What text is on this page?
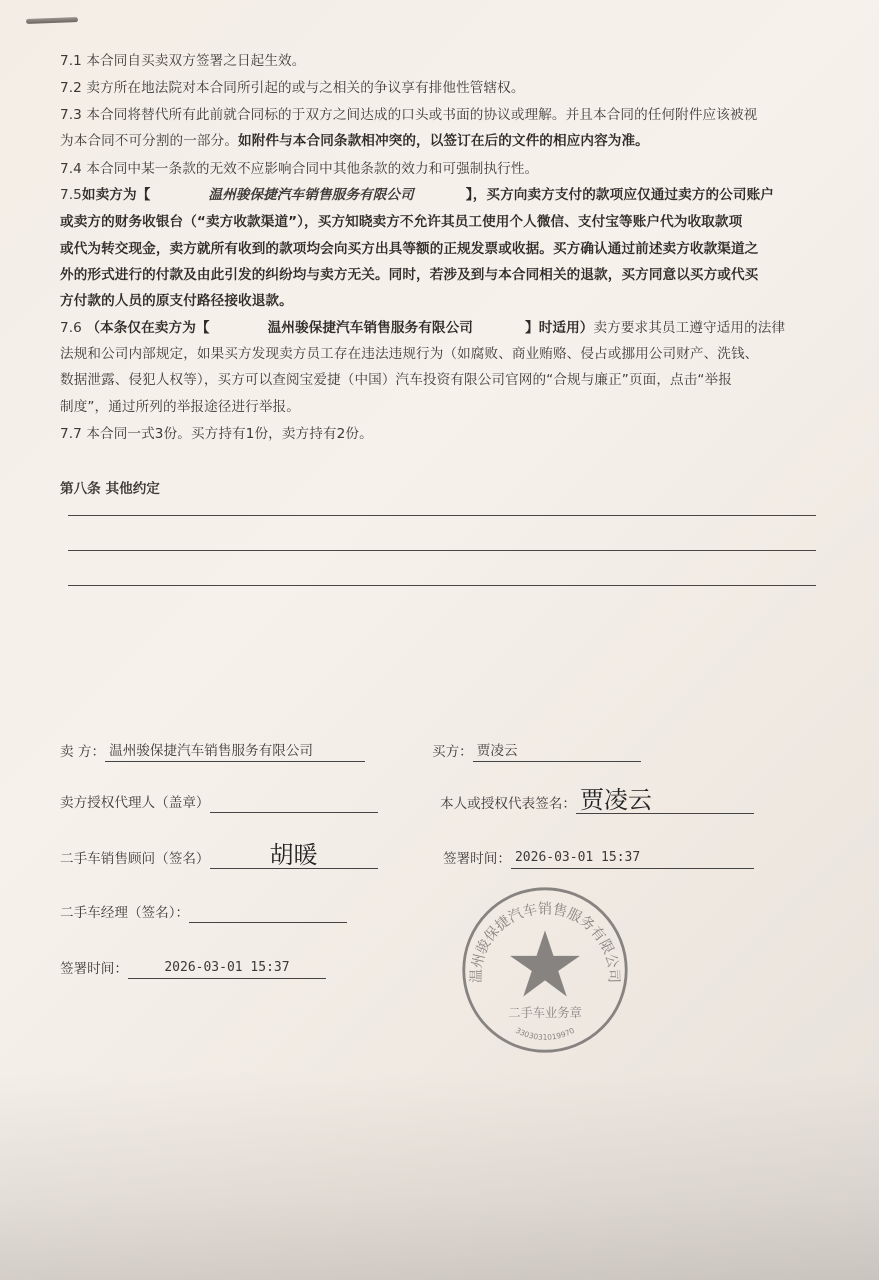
7.1 本合同自买卖双方签署之日起生效。
7.2 卖方所在地法院对本合同所引起的或与之相关的争议享有排他性管辖权。
7.3 本合同将替代所有此前就合同标的于双方之间达成的口头或书面的协议或理解。并且本合同的任何附件应该被视
为本合同不可分割的一部分。如附件与本合同条款相冲突的，以签订在后的文件的相应内容为准。
7.4 本合同中某一条款的无效不应影响合同中其他条款的效力和可强制执行性。
7.5如卖方为【	温州骏保捷汽车销售服务有限公司	】，买方向卖方支付的款项应仅通过卖方的公司账户
或卖方的财务收银台（“卖方收款渠道”），买方知晓卖方不允许其员工使用个人微信、支付宝等账户代为收取款项
或代为转交现金，卖方就所有收到的款项均会向买方出具等额的正规发票或收据。买方确认通过前述卖方收款渠道之
外的形式进行的付款及由此引发的纠纷均与卖方无关。同时，若涉及到与本合同相关的退款，买方同意以买方或代买
方付款的人员的原支付路径接收退款。
7.6 （本条仅在卖方为【	温州骏保捷汽车销售服务有限公司	】时适用）卖方要求其员工遵守适用的法律
法规和公司内部规定，如果买方发现卖方员工存在违法违规行为（如腐败、商业贿赂、侵占或挪用公司财产、洗钱、
数据泄露、侵犯人权等），买方可以查阅宝爱捷（中国）汽车投资有限公司官网的“合规与廉正”页面，点击“举报
制度”，通过所列的举报途径进行举报。
7.7 本合同一式3份。买方持有1份，卖方持有2份。
第八条 其他约定
卖 方： 温州骏保捷汽车销售服务有限公司	买方： 贾凌云
卖方授权代理人（盖章）	本人或授权代表签名： 贾凌云
二手车销售顾问（签名）	胡暖	签署时间： 2026-03-01 15:37
二手车经理（签名）：
签署时间：	2026-03-01 15:37
温州骏保捷汽车销售服务有限公司
二手车业务章
3303031019970
